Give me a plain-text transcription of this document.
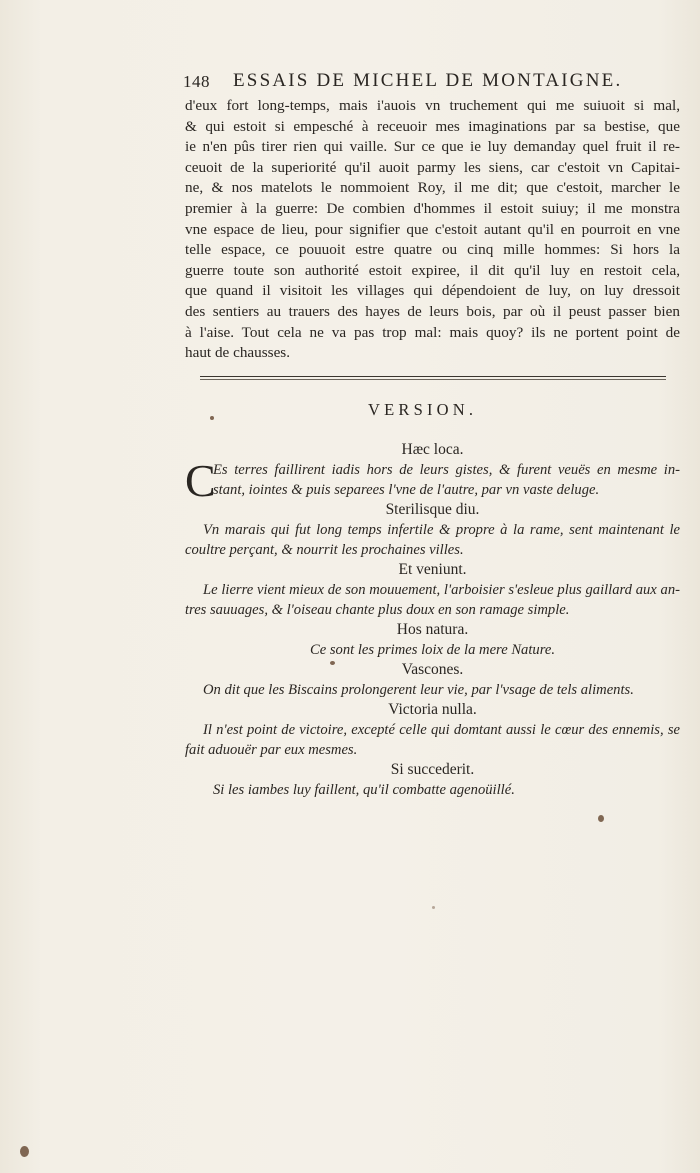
148 ESSAIS DE MICHEL DE MONTAIGNE.
d'eux fort long-temps, mais i'auois vn truchement qui me suiuoit si mal,
& qui estoit si empesché à receuoir mes imaginations par sa bestise, que
ie n'en pûs tirer rien qui vaille. Sur ce que ie luy demanday quel fruit il re-
ceuoit de la superiorité qu'il auoit parmy les siens, car c'estoit vn Capitai-
ne, & nos matelots le nommoient Roy, il me dit; que c'estoit, marcher le
premier à la guerre: De combien d'hommes il estoit suiuy; il me monstra
vne espace de lieu, pour signifier que c'estoit autant qu'il en pourroit en vne
telle espace, ce pouuoit estre quatre ou cinq mille hommes: Si hors la
guerre toute son authorité estoit expiree, il dit qu'il luy en restoit cela,
que quand il visitoit les villages qui dépendoient de luy, on luy dressoit
des sentiers au trauers des hayes de leurs bois, par où il peust passer bien
à l'aise. Tout cela ne va pas trop mal: mais quoy? ils ne portent point de
haut de chausses.
VERSION.
Hæc loca.
C
Es terres faillirent iadis hors de leurs gistes, & furent veuës en mesme in-
stant, iointes & puis separees l'vne de l'autre, par vn vaste deluge.
Sterilisque diu.
Vn marais qui fut long temps infertile & propre à la rame, sent maintenant le
coultre perçant, & nourrit les prochaines villes.
Et veniunt.
Le lierre vient mieux de son mouuement, l'arboisier s'esleue plus gaillard aux an-
tres sauuages, & l'oiseau chante plus doux en son ramage simple.
Hos natura.
Ce sont les primes loix de la mere Nature.
Vascones.
On dit que les Biscains prolongerent leur vie, par l'vsage de tels aliments.
Victoria nulla.
Il n'est point de victoire, excepté celle qui domtant aussi le cœur des ennemis, se
fait aduouër par eux mesmes.
Si succederit.
Si les iambes luy faillent, qu'il combatte agenoüillé.
